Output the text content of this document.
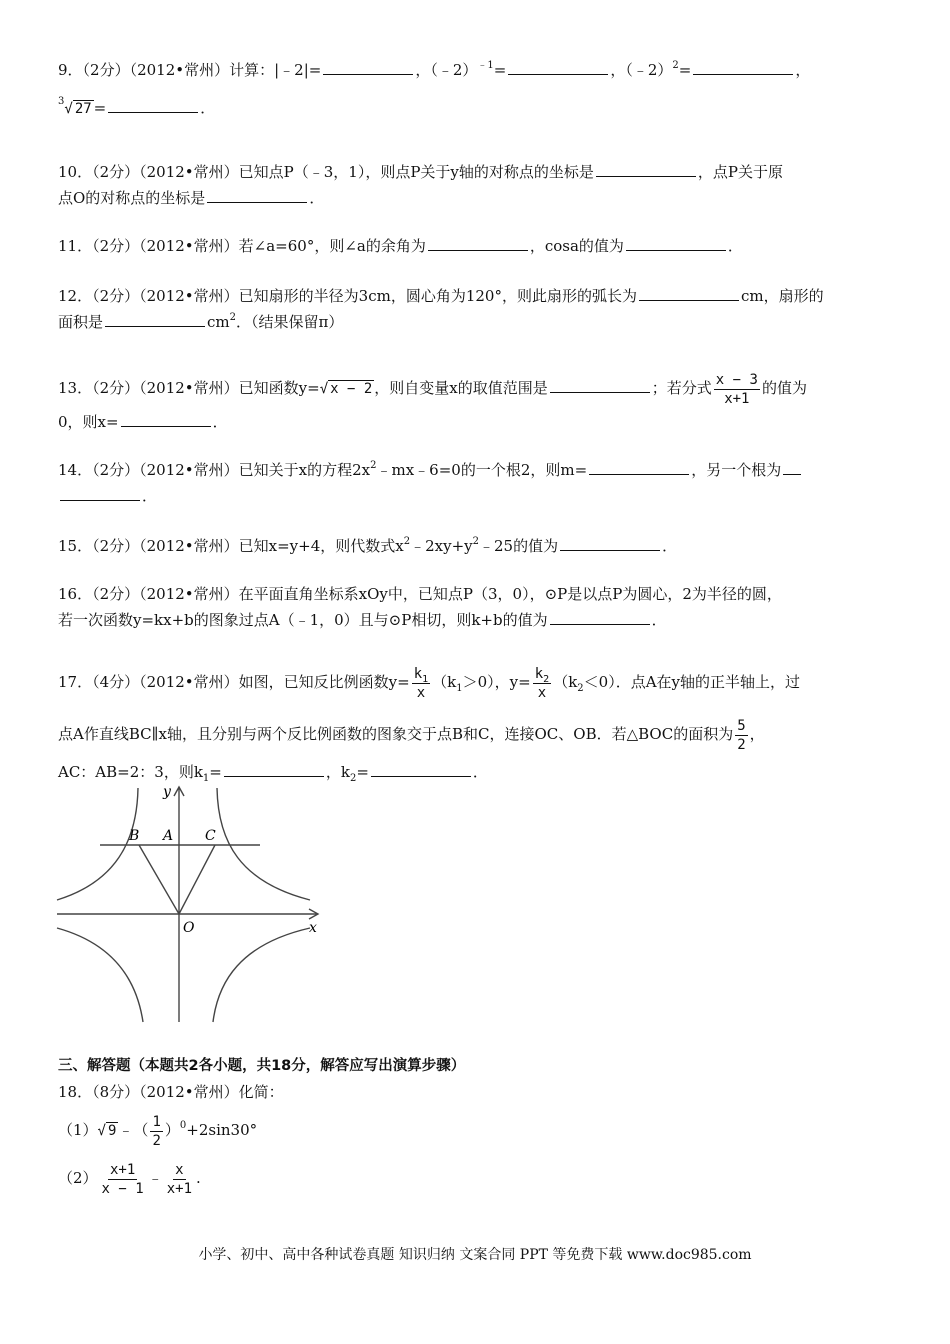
9．（2分）（2012•常州）计算：|﹣2|=	，（﹣2）$^{﹣1}$=	，（﹣2）$^2$=	，
$^3$√ 27 =	．
10．（2分）（2012•常州）已知点P（﹣3，1），则点P关于y轴的对称点的坐标是	，点P关于原
点O的对称点的坐标是	．
11．（2分）（2012•常州）若∠a=60°，则∠a的余角为	，cosa的值为	．
12．（2分）（2012•常州）已知扇形的半径为3cm，圆心角为120°，则此扇形的弧长为	cm，扇形的
面积是	$cm^2$．（结果保留π）
13．（2分）（2012•常州）已知函数y=√ x − 2 ，则自变量x的取值范围是	；若分式 $\frac{x - 3}{x+1}$ 的值为
0，则x=	．
14．（2分）（2012•常州）已知关于x的方程$2x^2﹣mx﹣6=0$的一个根2，则m=	，另一个根为
．
15．（2分）（2012•常州）已知x=y+4，则代数式$x^2﹣2xy+y^2﹣25$的值为	．
16．（2分）（2012•常州）在平面直角坐标系xOy中，已知点P（3，0），⊙P是以点P为圆心，2为半径的圆，
若一次函数y=kx+b的图象过点A（﹣1，0）且与⊙P相切，则k+b的值为	．
17．（4分）（2012•常州）如图，已知反比例函数$y= \frac{k_1}{x} (k_1>0)$，$y= \frac{k_2}{x} (k_2<0)$．点A在y轴的正半轴上，过
点A作直线BC∥x轴，且分别与两个反比例函数的图象交于点B和C，连接OC、OB．若△BOC的面积为 $\frac{5}{2}$ ，
AC：AB=2：3，则$k_1=$	，$k_2=$	．
y
x
O
A
B	C
三、解答题（本题共2各小题，共18分，解答应写出演算步骤）
18．（8分）（2012•常州）化简：
（1）√ 9 ﹣（ $\frac{1}{2} )^0+2\sin 30^\circ$
$(2) \frac{x+1}{x - 1}$ ﹣ $\frac{x}{x+1}$ .
小学、初中、高中各种试卷真题 知识归纳 文案合同 PPT 等免费下载 www.doc985.com
